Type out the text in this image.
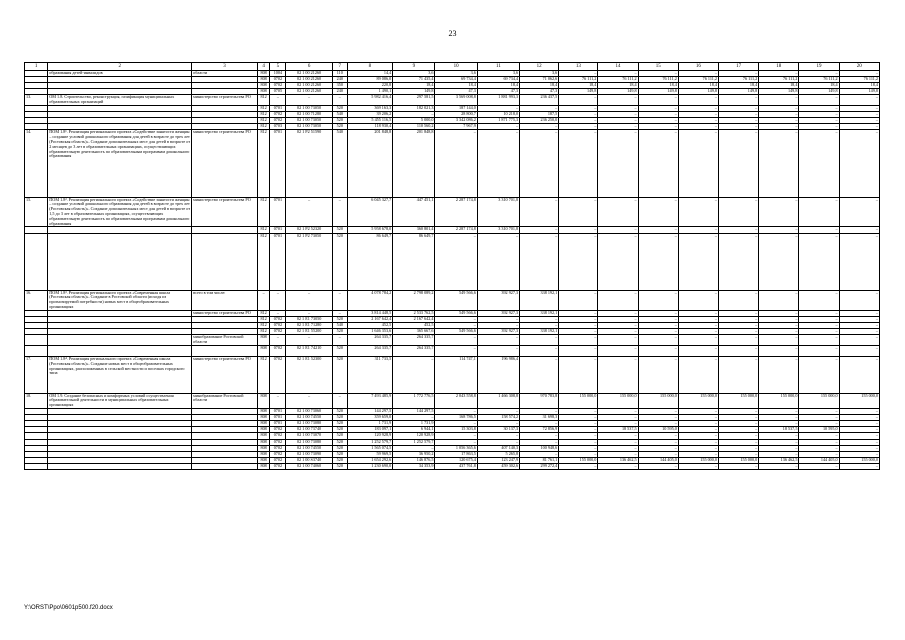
23
1	2	3	4	5	6	7	8	9	10	11	12	13	14	15	16	17	18	19	20
	образования детей-инвалидов	области	808	1004	02 1 00 21260	110	14,4	3,6	3,6	3,6	3,6	–	–	–	–	–	–	–	–
			808	0702	02 1 00 21260	240	89 086,0	71 435,4	69 734,4	69 734,4	71 062,6	76 111,2	76 111,2	76 111,2	76 111,2	76 111,2	76 111,2	76 111,2	76 111,2
			808	0702	02 1 00 21260	350	220,8	18,4	18,4	18,4	18,4	18,4	18,4	18,4	18,4	18,4	18,4	18,4	18,4
			808	0705	02 1 00 21260	240	1 490,1	149,8	47,3	47,3	47,3	149,8	149,8	149,8	149,8	149,8	149,8	149,8	149,8
13.	ОМ 1.8. Строительство, реконструкция, газификация муниципальных образовательных организаций	министерство строительства РО	812	–	–	–	5 982 416,4	297 581,5	3 569 008,8	1 881 993,3	236 437,5	–	–	–	–	–	–	–	–
			812	0701	02 1 00 73050	520	369 163,3	182 021,3	187 144,0	–	–	–	–	–	–	–	–	–	–
			812	0702	02 1 00 71280	540	39 206,2	–	28 800,7	10 218,0	187,5	–	–	–	–	–	–	–	–
			812	0702	02 1 00 73050	520	5 455 116,5	5 000,0	3 342 086,2	1 871 775,3	236 250,0	–	–	–	–	–	–	–	–
			812	0703	02 1 00 73050	520	118 930,4	110 560,2	7 967,9	–	–	–	–	–	–	–	–	–	–
14.	ПОМ 1.8¹. Реализация регионального проекта «Содействие занятости женщин – создание условий дошкольного образования для детей в возрасте до трех лет (Ростовская область)». Создание дополнительных мест для детей в возрасте от 2 месяцев до 3 лет в образовательных организациях, осуществляющих образовательную деятельность по образовательным программам дошкольного образования	министерство строительства РО	812	0701	02 1 P2 51590	540	201 848,8	201 848,8	–	–	–	–	–	–	–	–	–	–	–
15.	ПОМ 1.8². Реализация регионального проекта «Содействие занятости женщин – создание условий дошкольного образования для детей в возрасте до трех лет (Ростовская область)». Создание дополнительных мест для детей в возрасте от 1,5 до 3 лет в образовательных организациях, осуществляющих образовательную деятельность по образовательным программам дошкольного образования	министерство строительства РО	812	0701	–	–	6 045 327,7	447 451,1	2 287 174,8	3 310 701,8	–	–	–	–	–	–	–	–	–
			812	0701	02 1 P2 52320	520	5 958 678,0	360 801,4	2 287 174,8	3 310 701,8	–	–	–	–	–	–	–	–	–
			812	0701	02 1 P2 73050	520	86 649,7	86 649,7	–	–	–	–	–	–	–	–	–	–	–
16.	ПОМ 1.8³. Реализация регионального проекта «Современная школа (Ростовская область)». Создание в Ростовской области (исходя из прогнозируемой потребности) новых мест в общеобразовательных организациях	всего в том числе:	–	–	–	–	4 078 784,2	2 798 089,2	549 566,6	392 927,3	338 192,1	–	–	–	–	–	–	–	–
		министерство строительства РО	812	–	–	–	3 814 448,5	2 533 762,5	549 566,6	392 927,3	338 192,1	–	–	–	–	–	–	–	–
			812	0702	02 1 E1 73050	520	2 167 642,4	2 167 642,4	–	–	–	–	–	–	–	–	–	–	–
			812	0702	02 1 E1 71280	540	452,5	452,5	–	–	–	–	–	–	–	–	–	–	–
			812	0702	02 1 E1 55200	520	1 646 353,6	365 667,6	549 566,6	392 927,3	338 192,1	–	–	–	–	–	–	–	–
		минобразование Ростовской области	808	–	–	–	264 335,7	264 335,7	–	–	–	–	–	–	–	–	–	–	–
			808	0702	02 1 E1 74210	520	264 335,7	264 335,7	–	–	–	–	–	–	–	–	–	–	–
17.	ПОМ 1.8⁴. Реализация регионального проекта «Современная школа (Ростовская область)». Создание новых мест в общеобразовательных организациях, расположенных в сельской местности и поселках городского типа	министерство строительства РО	812	0702	02 1 E1 52300	520	311 733,5	–	114 747,1	196 986,4	–	–	–	–	–	–	–	–	–
18.	ОМ 1.9. Создание безопасных и комфортных условий осуществления образовательной деятельности в муниципальных образовательных организациях	минобразование Ростовской области	808	–	–	–	7 493 485,9	1 772 776,5	2 043 558,8	1 466 308,8	970 783,8	155 000,0	155 000,0	155 000,0	155 000,0	155 000,0	155 000,0	155 000,0	155 000,0
			808	0701	02 1 00 73060	520	144 297,5	144 297,5	–	–	–	–	–	–	–	–	–	–	–
			808	0701	02 1 00 74550	520	359 659,0	–	168 786,5	158 574,2	31 698,3	–	–	–	–	–	–	–	–
			808	0701	02 1 00 73080	520	1 731,9	1 731,9	–	–	–	–	–	–	–	–	–	–	–
			808	0702	02 1 00 73740	520	183 097,1	6 944,1	15 303,8	30 137,3	72 856,9	–	18 537,5	10 595,0	–	–	18 537,5	10 595,0	–
			808	0702	02 1 00 73070	520	120 928,9	120 928,9	–	–	–	–	–	–	–	–	–	–	–
			808	0702	02 1 00 73080	520	1 252 579,7	1 252 579,7	–	–	–	–	–	–	–	–	–	–	–
			808	0702	02 1 00 74550	520	1 565 074,5	–	1 056 365,6	407 140,3	100 948,6	–	–	–	–	–	–	–	–
			808	0702	02 1 00 73090	520	59 969,5	36 950,2	17 863,5	5 265,8	–	–	–	–	–	–	–	–	–
			808	0702	02 1 00 S3740	520	1 654 292,6	146 876,5	120 675,4	123 247,9	81 761,1	155 000,0	136 462,5	144 405,0	155 000,0	155 000,0	136 462,5	144 405,0	155 000,0
			808	0702	02 1 00 74060	520	1 230 690,0	34 353,9	437 761,8	459 302,6	299 272,4	–	–	–	–	–	–	–	–
Y:\ORST\Ppo\0601p500.f20.docx
